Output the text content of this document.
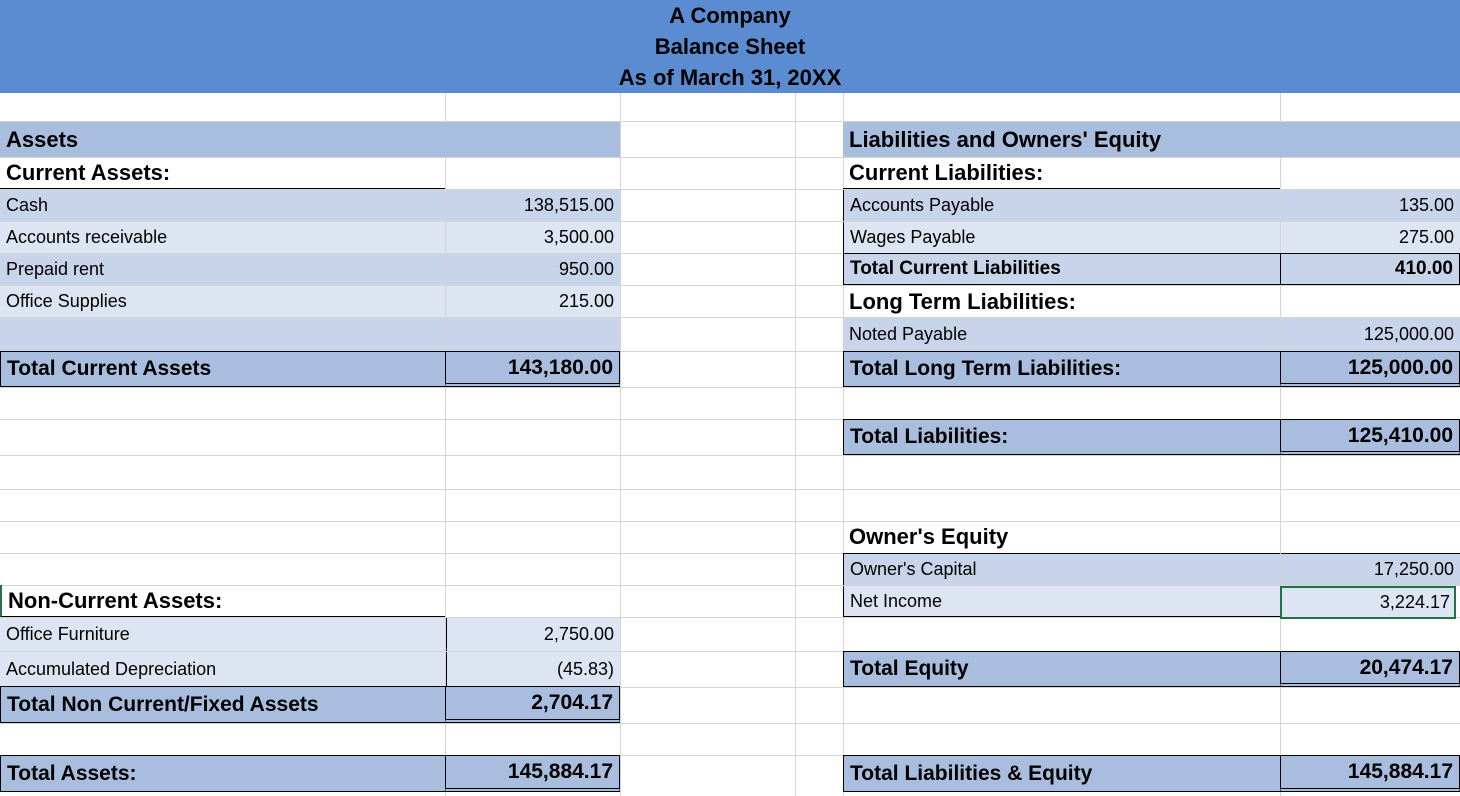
A Company
Balance Sheet
As of March 31, 20XX
Assets
Current Assets:
Cash	138,515.00
Accounts receivable	3,500.00
Prepaid rent	950.00
Office Supplies	215.00
Total Current Assets	143,180.00
Non-Current Assets:
Office Furniture	2,750.00
Accumulated Depreciation	(45.83)
Total Non Current/Fixed Assets	2,704.17
Total Assets:	145,884.17
Liabilities and Owners' Equity
Current Liabilities:
Accounts Payable	135.00
Wages Payable	275.00
Total Current Liabilities	410.00
Long Term Liabilities:
Noted Payable	125,000.00
Total Long Term Liabilities:	125,000.00
Total Liabilities:	125,410.00
Owner's Equity
Owner's Capital	17,250.00
Net Income	3,224.17
Total Equity	20,474.17
Total Liabilities & Equity	145,884.17
